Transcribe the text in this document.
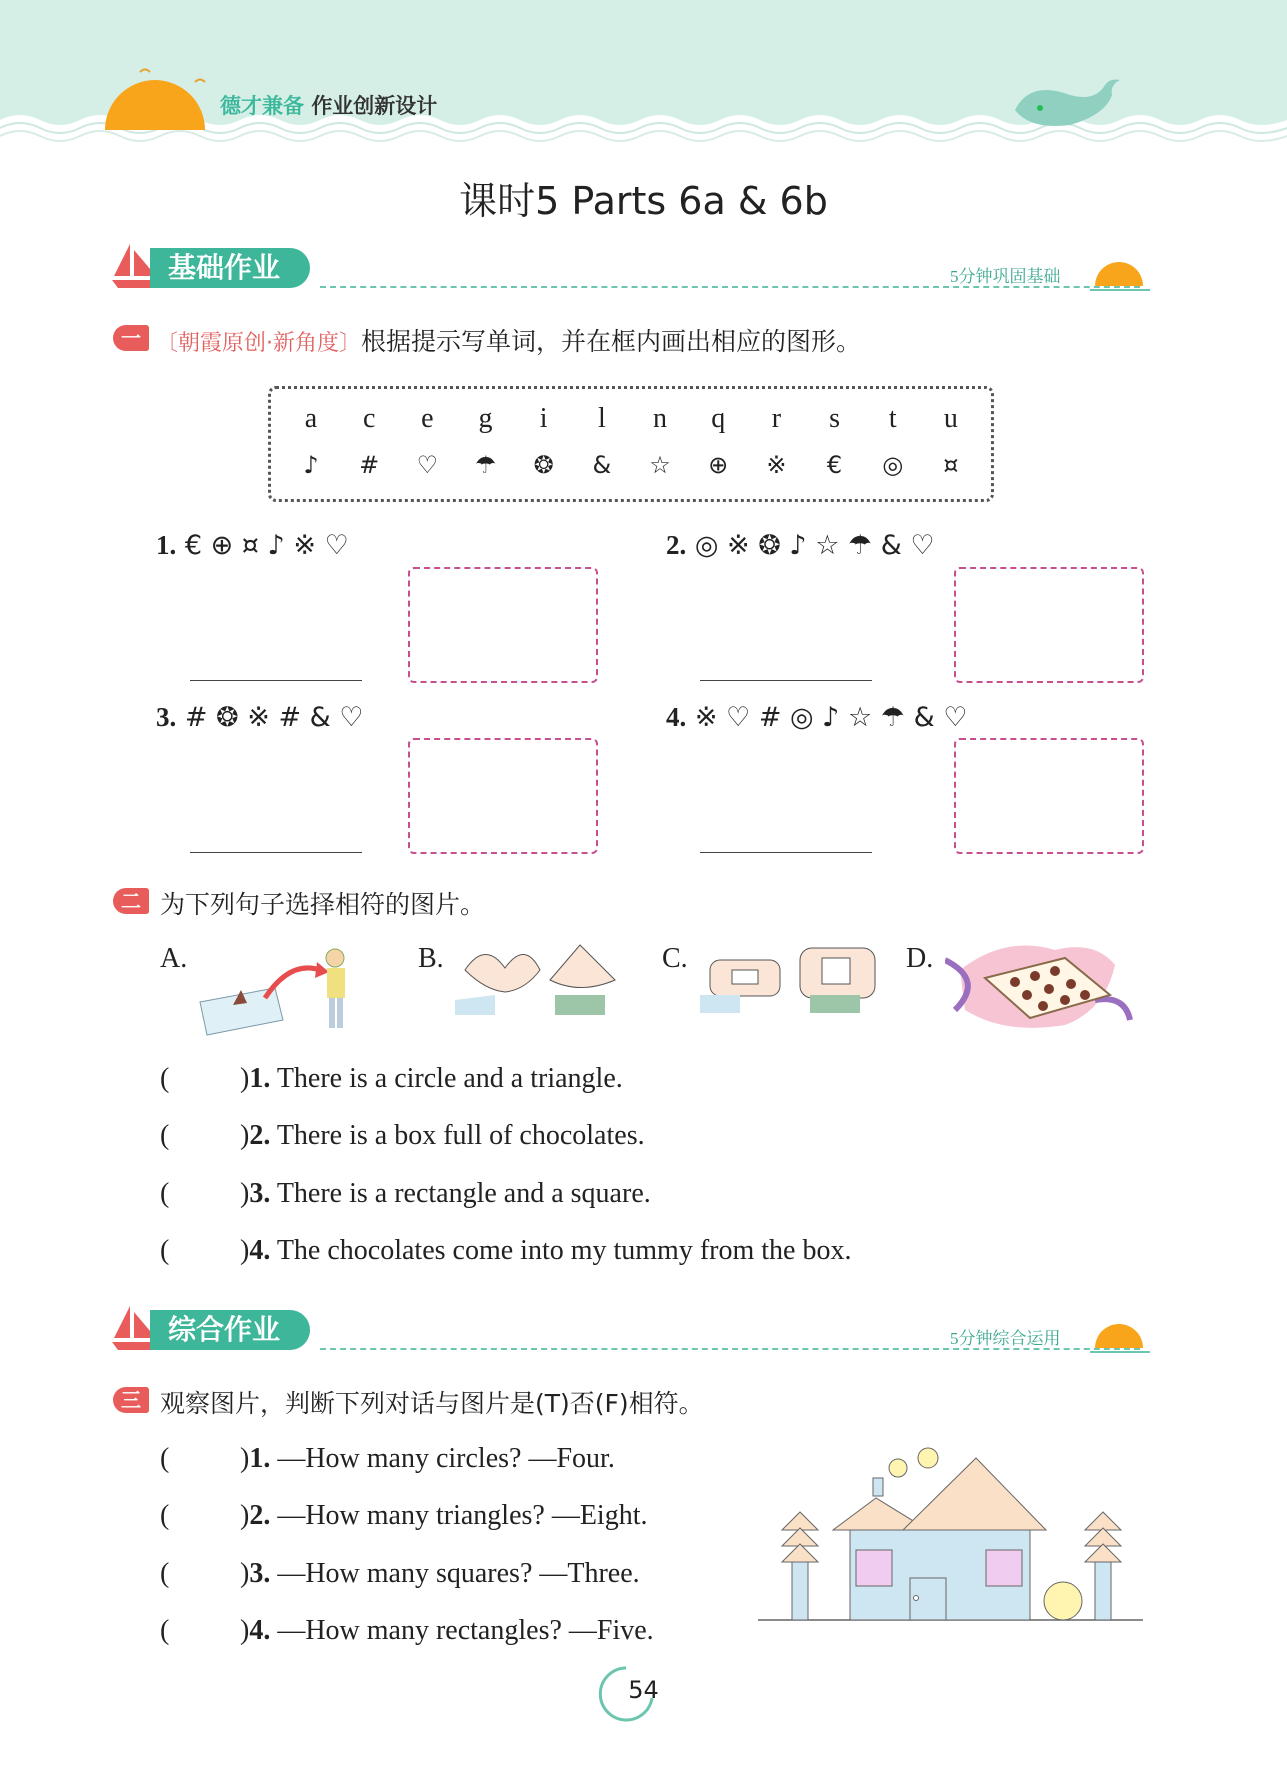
德才兼备 作业创新设计
课时5 Parts 6a & 6b
基础作业	5分钟巩固基础
一 〔朝霞原创·新角度〕根据提示写单词，并在框内画出相应的图形。
a	c	e	g	i	l	n	q	r	s	t	u
♪	#	♡	☂	❂	&	☆	⊕	※	€	◎	¤
1. € ⊕ ¤ ♪ ※ ♡	2. ◎ ※ ❂ ♪ ☆ ☂ & ♡
3. # ❂ ※ # & ♡	4. ※ ♡ # ◎ ♪ ☆ ☂ & ♡
二 为下列句子选择相符的图片。
A.	B.	C.	D.
(	)1. There is a circle and a triangle.
(	)2. There is a box full of chocolates.
(	)3. There is a rectangle and a square.
(	)4. The chocolates come into my tummy from the box.
综合作业	5分钟综合运用
三 观察图片，判断下列对话与图片是(T)否(F)相符。
(	)1. —How many circles? —Four.
(	)2. —How many triangles? —Eight.
(	)3. —How many squares? —Three.
(	)4. —How many rectangles? —Five.
54
